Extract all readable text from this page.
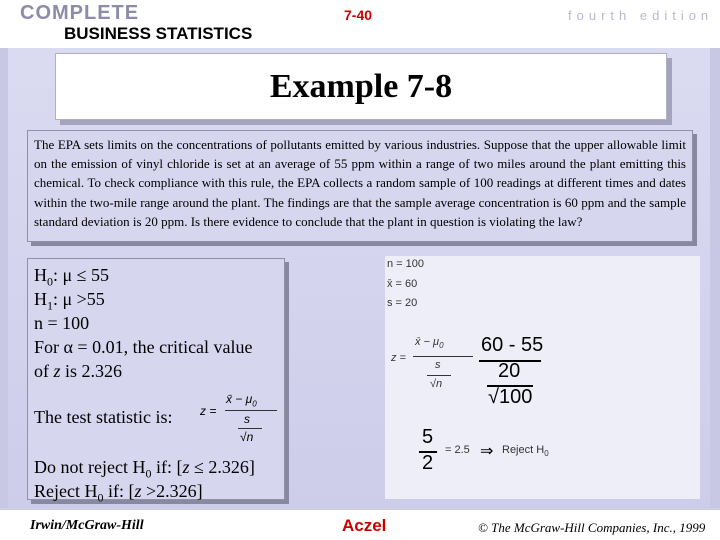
COMPLETE
BUSINESS STATISTICS
7-40	fourth edition
Example 7-8

The EPA sets limits on the concentrations of pollutants emitted by various industries. Suppose that the upper allowable limit on the emission of vinyl chloride is set at an average of 55 ppm within a range of two miles around the plant emitting this chemical. To check compliance with this rule, the EPA collects a random sample of 100 readings at different times and dates within the two-mile range around the plant. The findings are that the sample average concentration is 60 ppm and the sample standard deviation is 20 ppm. Is there evidence to conclude that the plant in question is violating the law?

$H_0$: μ ≤ 55
$H_1$: μ >55
n = 100
For α = 0.01, the critical value
of z is 2.326
The test statistic is: z =
x̄ − $\mu_0$
s
√n
Do not reject $H_0$ if: [z ≤ 2.326]
Reject $H_0$ if: [z >2.326]
n = 100
x̄ = 60
s = 20
z =
x̄ − $\mu_0$
s
√n
60 - 55
20
√100
5
2
= 2.5 ⇒ Reject $H_0$
Irwin/McGraw-Hill	Aczel	© The McGraw-Hill Companies, Inc., 1999
